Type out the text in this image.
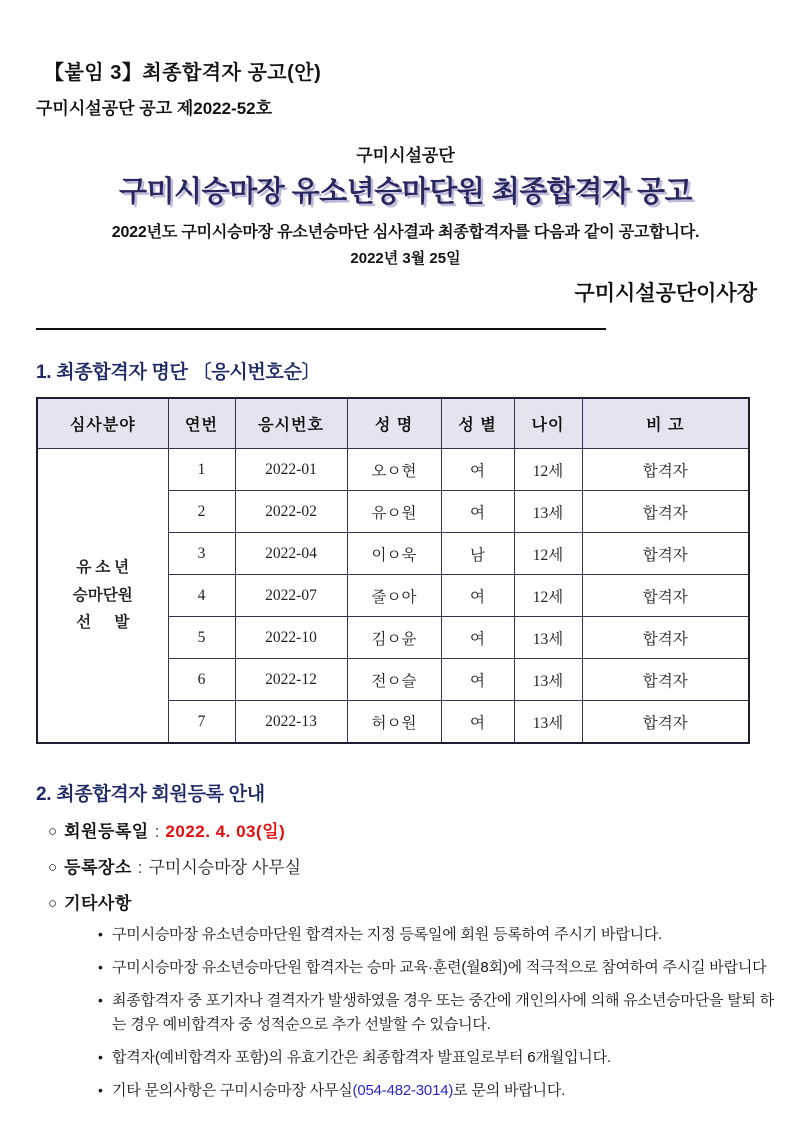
【붙임 3】최종합격자 공고(안)
구미시설공단 공고 제2022-52호
구미시설공단
구미시승마장 유소년승마단원 최종합격자 공고
2022년도 구미시승마장 유소년승마단 심사결과 최종합격자를 다음과 같이 공고합니다.
2022년 3월 25일
구미시설공단이사장
1. 최종합격자 명단 〔응시번호순〕
심사분야	연번	응시번호	성 명	성 별	나이	비 고

유 소 년
승마단원
선      발	1	2022-01	오ㅇ현	여	12세	합격자
	2	2022-02	유ㅇ원	여	13세	합격자
	3	2022-04	이ㅇ욱	남	12세	합격자
	4	2022-07	줄ㅇ아	여	12세	합격자
	5	2022-10	김ㅇ윤	여	13세	합격자
	6	2022-12	전ㅇ슬	여	13세	합격자
	7	2022-13	허ㅇ원	여	13세	합격자
2. 최종합격자 회원등록 안내
○ 회원등록일 : 2022. 4. 03(일)
○ 등록장소 : 구미시승마장 사무실
○ 기타사항
• 구미시승마장 유소년승마단원 합격자는 지정 등록일에 회원 등록하여 주시기 바랍니다.
• 구미시승마장 유소년승마단원 합격자는 승마 교육·훈련(월8회)에 적극적으로 참여하여 주시길 바랍니다
• 최종합격자 중 포기자나 결격자가 발생하였을 경우 또는 중간에 개인의사에 의해 유소년승마단을 탈퇴 하는 경우 예비합격자 중 성적순으로 추가 선발할 수 있습니다.
• 합격자(예비합격자 포함)의 유효기간은 최종합격자 발표일로부터 6개월입니다.
• 기타 문의사항은 구미시승마장 사무실(054-482-3014)로 문의 바랍니다.
